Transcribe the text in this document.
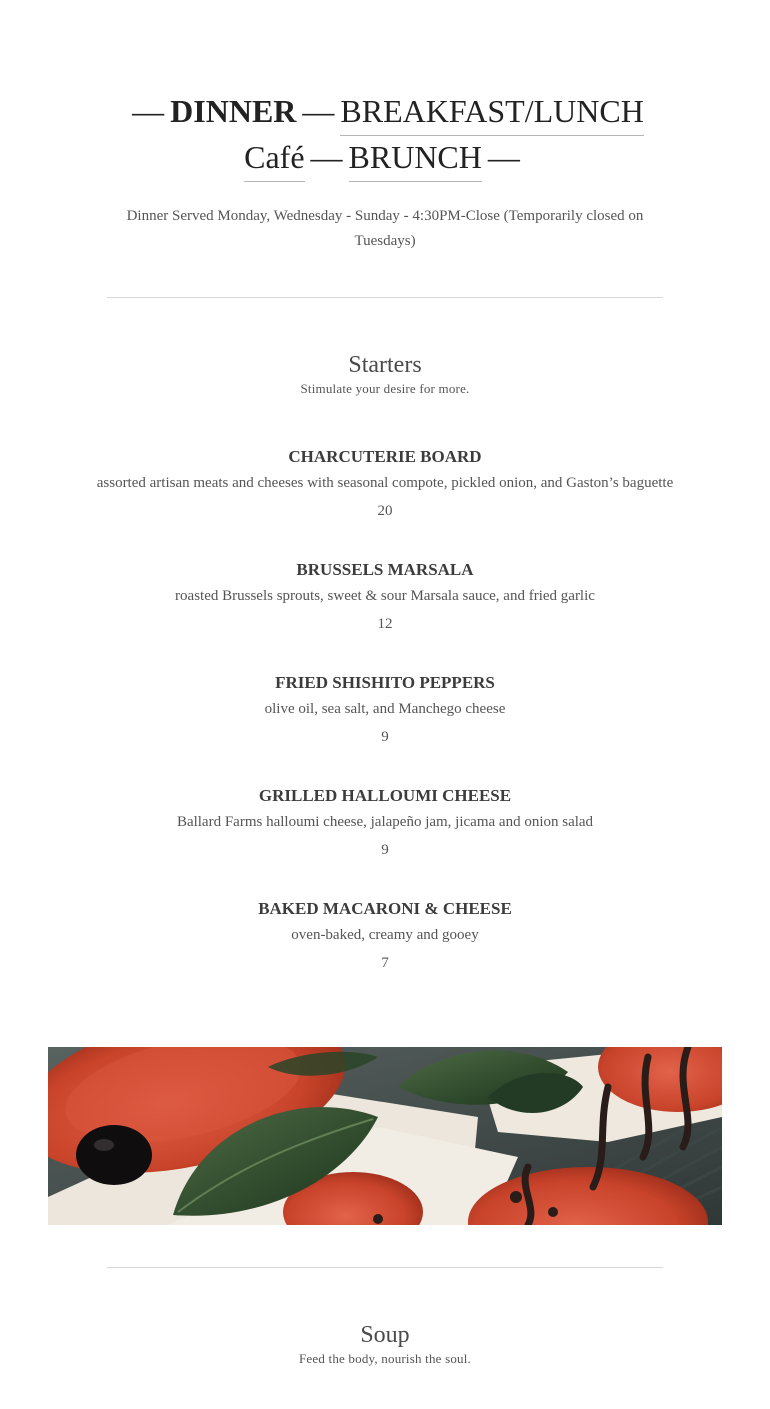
— DINNER — BREAKFAST/LUNCH
Café — BRUNCH —
Dinner Served Monday, Wednesday - Sunday - 4:30PM-Close (Temporarily closed on Tuesdays)
Starters
Stimulate your desire for more.
CHARCUTERIE BOARD
assorted artisan meats and cheeses with seasonal compote, pickled onion, and Gaston’s baguette
20
BRUSSELS MARSALA
roasted Brussels sprouts, sweet & sour Marsala sauce, and fried garlic
12
FRIED SHISHITO PEPPERS
olive oil, sea salt, and Manchego cheese
9
GRILLED HALLOUMI CHEESE
Ballard Farms halloumi cheese, jalapeño jam, jicama and onion salad
9
BAKED MACARONI & CHEESE
oven-baked, creamy and gooey
7
Soup
Feed the body, nourish the soul.
